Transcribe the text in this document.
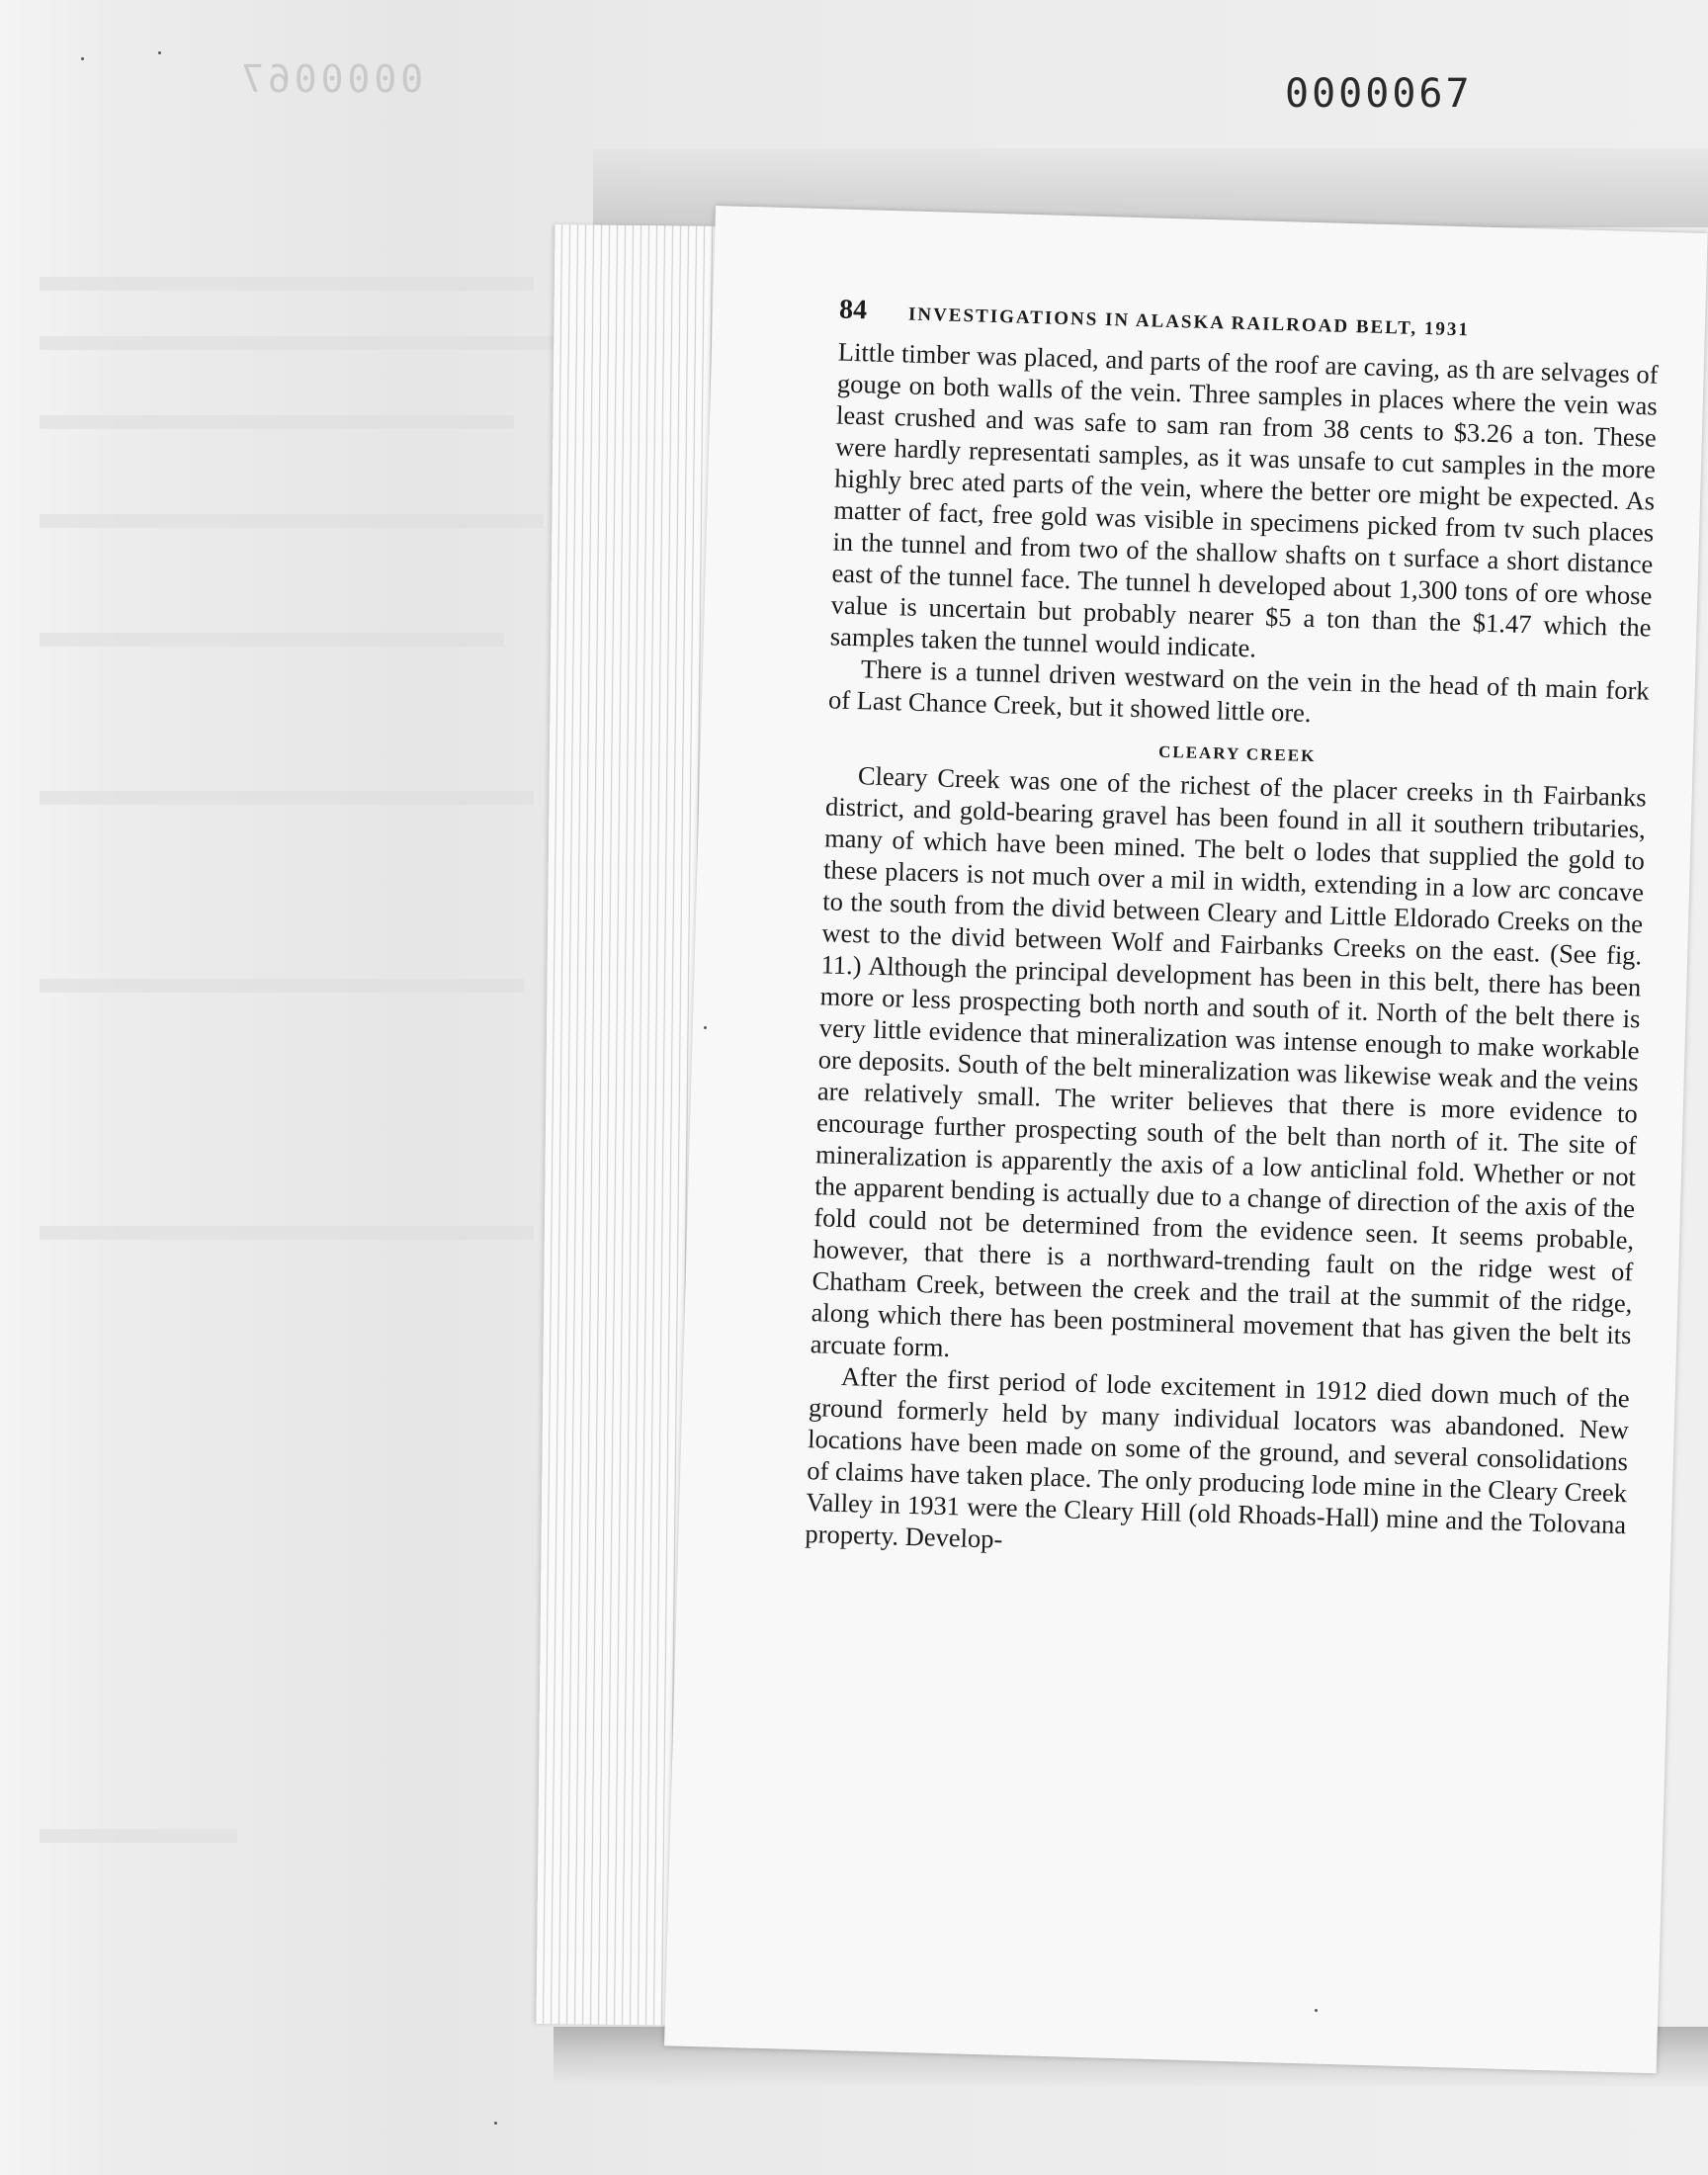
0000067	0000067
84 INVESTIGATIONS IN ALASKA RAILROAD BELT, 1931

Little timber was placed, and parts of the roof are caving, as th are selvages of gouge on both walls of the vein. Three samples in places where the vein was least crushed and was safe to sam ran from 38 cents to $3.26 a ton. These were hardly representati samples, as it was unsafe to cut samples in the more highly brec ated parts of the vein, where the better ore might be expected. As matter of fact, free gold was visible in specimens picked from tv such places in the tunnel and from two of the shallow shafts on t surface a short distance east of the tunnel face. The tunnel h developed about 1,300 tons of ore whose value is uncertain but probably nearer $5 a ton than the $1.47 which the samples taken the tunnel would indicate.

There is a tunnel driven westward on the vein in the head of th main fork of Last Chance Creek, but it showed little ore.

CLEARY CREEK

Cleary Creek was one of the richest of the placer creeks in th Fairbanks district, and gold-bearing gravel has been found in all it southern tributaries, many of which have been mined. The belt o lodes that supplied the gold to these placers is not much over a mil in width, extending in a low arc concave to the south from the divid between Cleary and Little Eldorado Creeks on the west to the divid between Wolf and Fairbanks Creeks on the east. (See fig. 11.) Although the principal development has been in this belt, there has been more or less prospecting both north and south of it. North of the belt there is very little evidence that mineralization was intense enough to make workable ore deposits. South of the belt mineralization was likewise weak and the veins are relatively small. The writer believes that there is more evidence to encourage further prospecting south of the belt than north of it. The site of mineralization is apparently the axis of a low anticlinal fold. Whether or not the apparent bending is actually due to a change of direction of the axis of the fold could not be determined from the evidence seen. It seems probable, however, that there is a northward-trending fault on the ridge west of Chatham Creek, between the creek and the trail at the summit of the ridge, along which there has been postmineral movement that has given the belt its arcuate form.

After the first period of lode excitement in 1912 died down much of the ground formerly held by many individual locators was abandoned. New locations have been made on some of the ground, and several consolidations of claims have taken place. The only producing lode mine in the Cleary Creek Valley in 1931 were the Cleary Hill (old Rhoads-Hall) mine and the Tolovana property. Develop-
